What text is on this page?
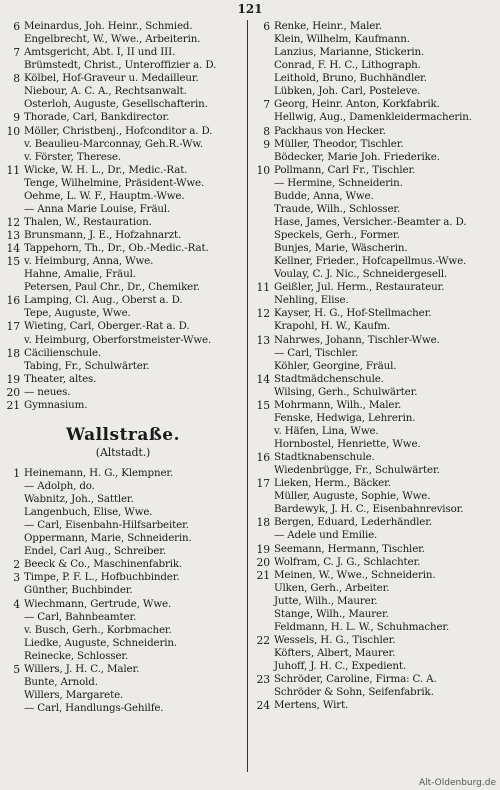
121
6 Meinardus, Joh. Heinr., Schmied.
Engelbrecht, W., Wwe., Arbeiterin.
7 Amtsgericht, Abt. I, II und III.
Brümstedt, Christ., Unteroffizier a. D.
8 Kölbel, Hof-Graveur u. Medailleur.
Niebour, A. C. A., Rechtsanwalt.
Osterloh, Auguste, Gesellschafterin.
9 Thorade, Carl, Bankdirector.
10 Möller, Christbenj., Hofconditor a. D.
v. Beaulieu-Marconnay, Geh.R.-Ww.
v. Förster, Therese.
11 Wicke, W. H. L., Dr., Medic.-Rat.
Tenge, Wilhelmine, Präsident-Wwe.
Oehme, L. W. F., Hauptm.-Wwe.
— Anna Marie Louise, Fräul.
12 Thalen, W., Restauration.
13 Brunsmann, J. E., Hofzahnarzt.
14 Tappehorn, Th., Dr., Ob.-Medic.-Rat.
15 v. Heimburg, Anna, Wwe.
Hahne, Amalie, Fräul.
Petersen, Paul Chr., Dr., Chemiker.
16 Lamping, Cl. Aug., Oberst a. D.
Tepe, Auguste, Wwe.
17 Wieting, Carl, Oberger.-Rat a. D.
v. Heimburg, Oberforstmeister-Wwe.
18 Cäcilienschule.
Tabing, Fr., Schulwärter.
19 Theater, altes.
20 — neues.
21 Gymnasium.
Wallstraße.
(Altstadt.)
1 Heinemann, H. G., Klempner.
— Adolph, do.
Wabnitz, Joh., Sattler.
Langenbuch, Elise, Wwe.
— Carl, Eisenbahn-Hilfsarbeiter.
Oppermann, Marie, Schneiderin.
Endel, Carl Aug., Schreiber.
2 Beeck & Co., Maschinenfabrik.
3 Timpe, P. F. L., Hofbuchbinder.
Günther, Buchbinder.
4 Wiechmann, Gertrude, Wwe.
— Carl, Bahnbeamter.
v. Busch, Gerh., Korbmacher.
Liedke, Auguste, Schneiderin.
Reinecke, Schlosser.
5 Willers, J. H. C., Maler.
Bunte, Arnold.
Willers, Margarete.
— Carl, Handlungs-Gehilfe.
6 Renke, Heinr., Maler.
Klein, Wilhelm, Kaufmann.
Lanzius, Marianne, Stickerin.
Conrad, F. H. C., Lithograph.
Leithold, Bruno, Buchhändler.
Lübken, Joh. Carl, Posteleve.
7 Georg, Heinr. Anton, Korkfabrik.
Hellwig, Aug., Damenkleidermacherin.
8 Packhaus von Hecker.
9 Müller, Theodor, Tischler.
Bödecker, Marie Joh. Friederike.
10 Pollmann, Carl Fr., Tischler.
— Hermine, Schneiderin.
Budde, Anna, Wwe.
Traude, Wilh., Schlosser.
Hase, James, Versicher.-Beamter a. D.
Speckels, Gerh., Former.
Bunjes, Marie, Wäscherin.
Kellner, Frieder., Hofcapellmus.-Wwe.
Voulay, C. J. Nic., Schneidergesell.
11 Geißler, Jul. Herm., Restaurateur.
Nehling, Elise.
12 Kayser, H. G., Hof-Stellmacher.
Krapohl, H. W., Kaufm.
13 Nahrwes, Johann, Tischler-Wwe.
— Carl, Tischler.
Köhler, Georgine, Fräul.
14 Stadtmädchenschule.
Wilsing, Gerh., Schulwärter.
15 Mohrmann, Wilh., Maler.
Fenske, Hedwiga, Lehrerin.
v. Häfen, Lina, Wwe.
Hornbostel, Henriette, Wwe.
16 Stadtknabenschule.
Wiedenbrügge, Fr., Schulwärter.
17 Lieken, Herm., Bäcker.
Müller, Auguste, Sophie, Wwe.
Bardewyk, J. H. C., Eisenbahnrevisor.
18 Bergen, Eduard, Lederhändler.
— Adele und Emilie.
19 Seemann, Hermann, Tischler.
20 Wolfram, C. J. G., Schlachter.
21 Meinen, W., Wwe., Schneiderin.
Ulken, Gerh., Arbeiter.
Jutte, Wilh., Maurer.
Stange, Wilh., Maurer.
Feldmann, H. L. W., Schuhmacher.
22 Wessels, H. G., Tischler.
Köfters, Albert, Maurer.
Juhoff, J. H. C., Expedient.
23 Schröder, Caroline, Firma: C. A.
Schröder & Sohn, Seifenfabrik.
24 Mertens, Wirt.
Alt-Oldenburg.de
